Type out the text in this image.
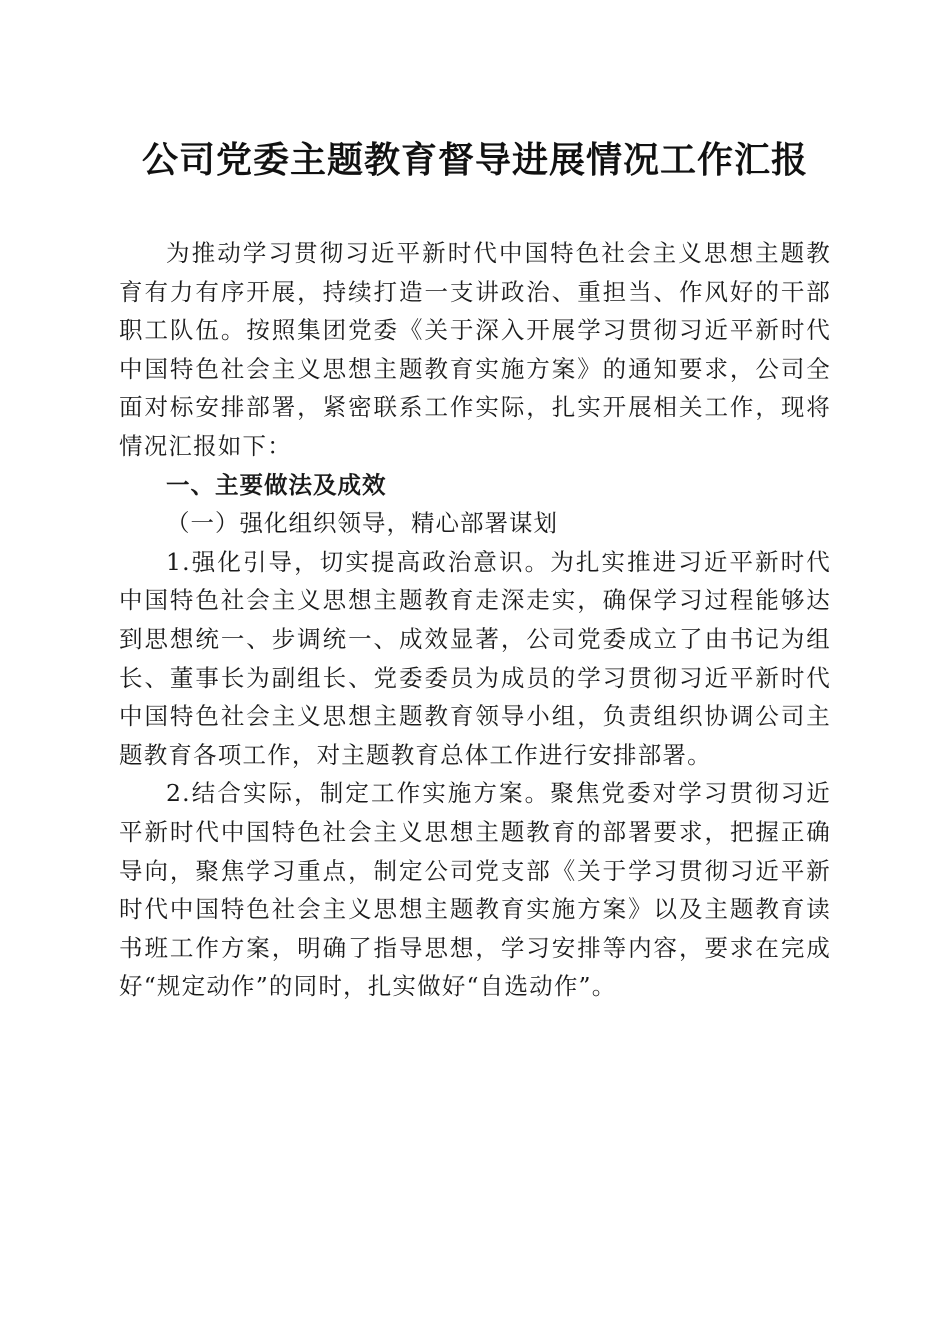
公司党委主题教育督导进展情况工作汇报

为推动学习贯彻习近平新时代中国特色社会主义思想主题教育有力有序开展，持续打造一支讲政治、重担当、作风好的干部职工队伍。按照集团党委《关于深入开展学习贯彻习近平新时代中国特色社会主义思想主题教育实施方案》的通知要求，公司全面对标安排部署，紧密联系工作实际，扎实开展相关工作，现将情况汇报如下：

一、主要做法及成效

（一）强化组织领导，精心部署谋划

1.强化引导，切实提高政治意识。为扎实推进习近平新时代中国特色社会主义思想主题教育走深走实，确保学习过程能够达到思想统一、步调统一、成效显著，公司党委成立了由书记为组长、董事长为副组长、党委委员为成员的学习贯彻习近平新时代中国特色社会主义思想主题教育领导小组，负责组织协调公司主题教育各项工作，对主题教育总体工作进行安排部署。

2.结合实际，制定工作实施方案。聚焦党委对学习贯彻习近平新时代中国特色社会主义思想主题教育的部署要求，把握正确导向，聚焦学习重点，制定公司党支部《关于学习贯彻习近平新时代中国特色社会主义思想主题教育实施方案》以及主题教育读书班工作方案，明确了指导思想，学习安排等内容，要求在完成好“规定动作”的同时，扎实做好“自选动作”。
